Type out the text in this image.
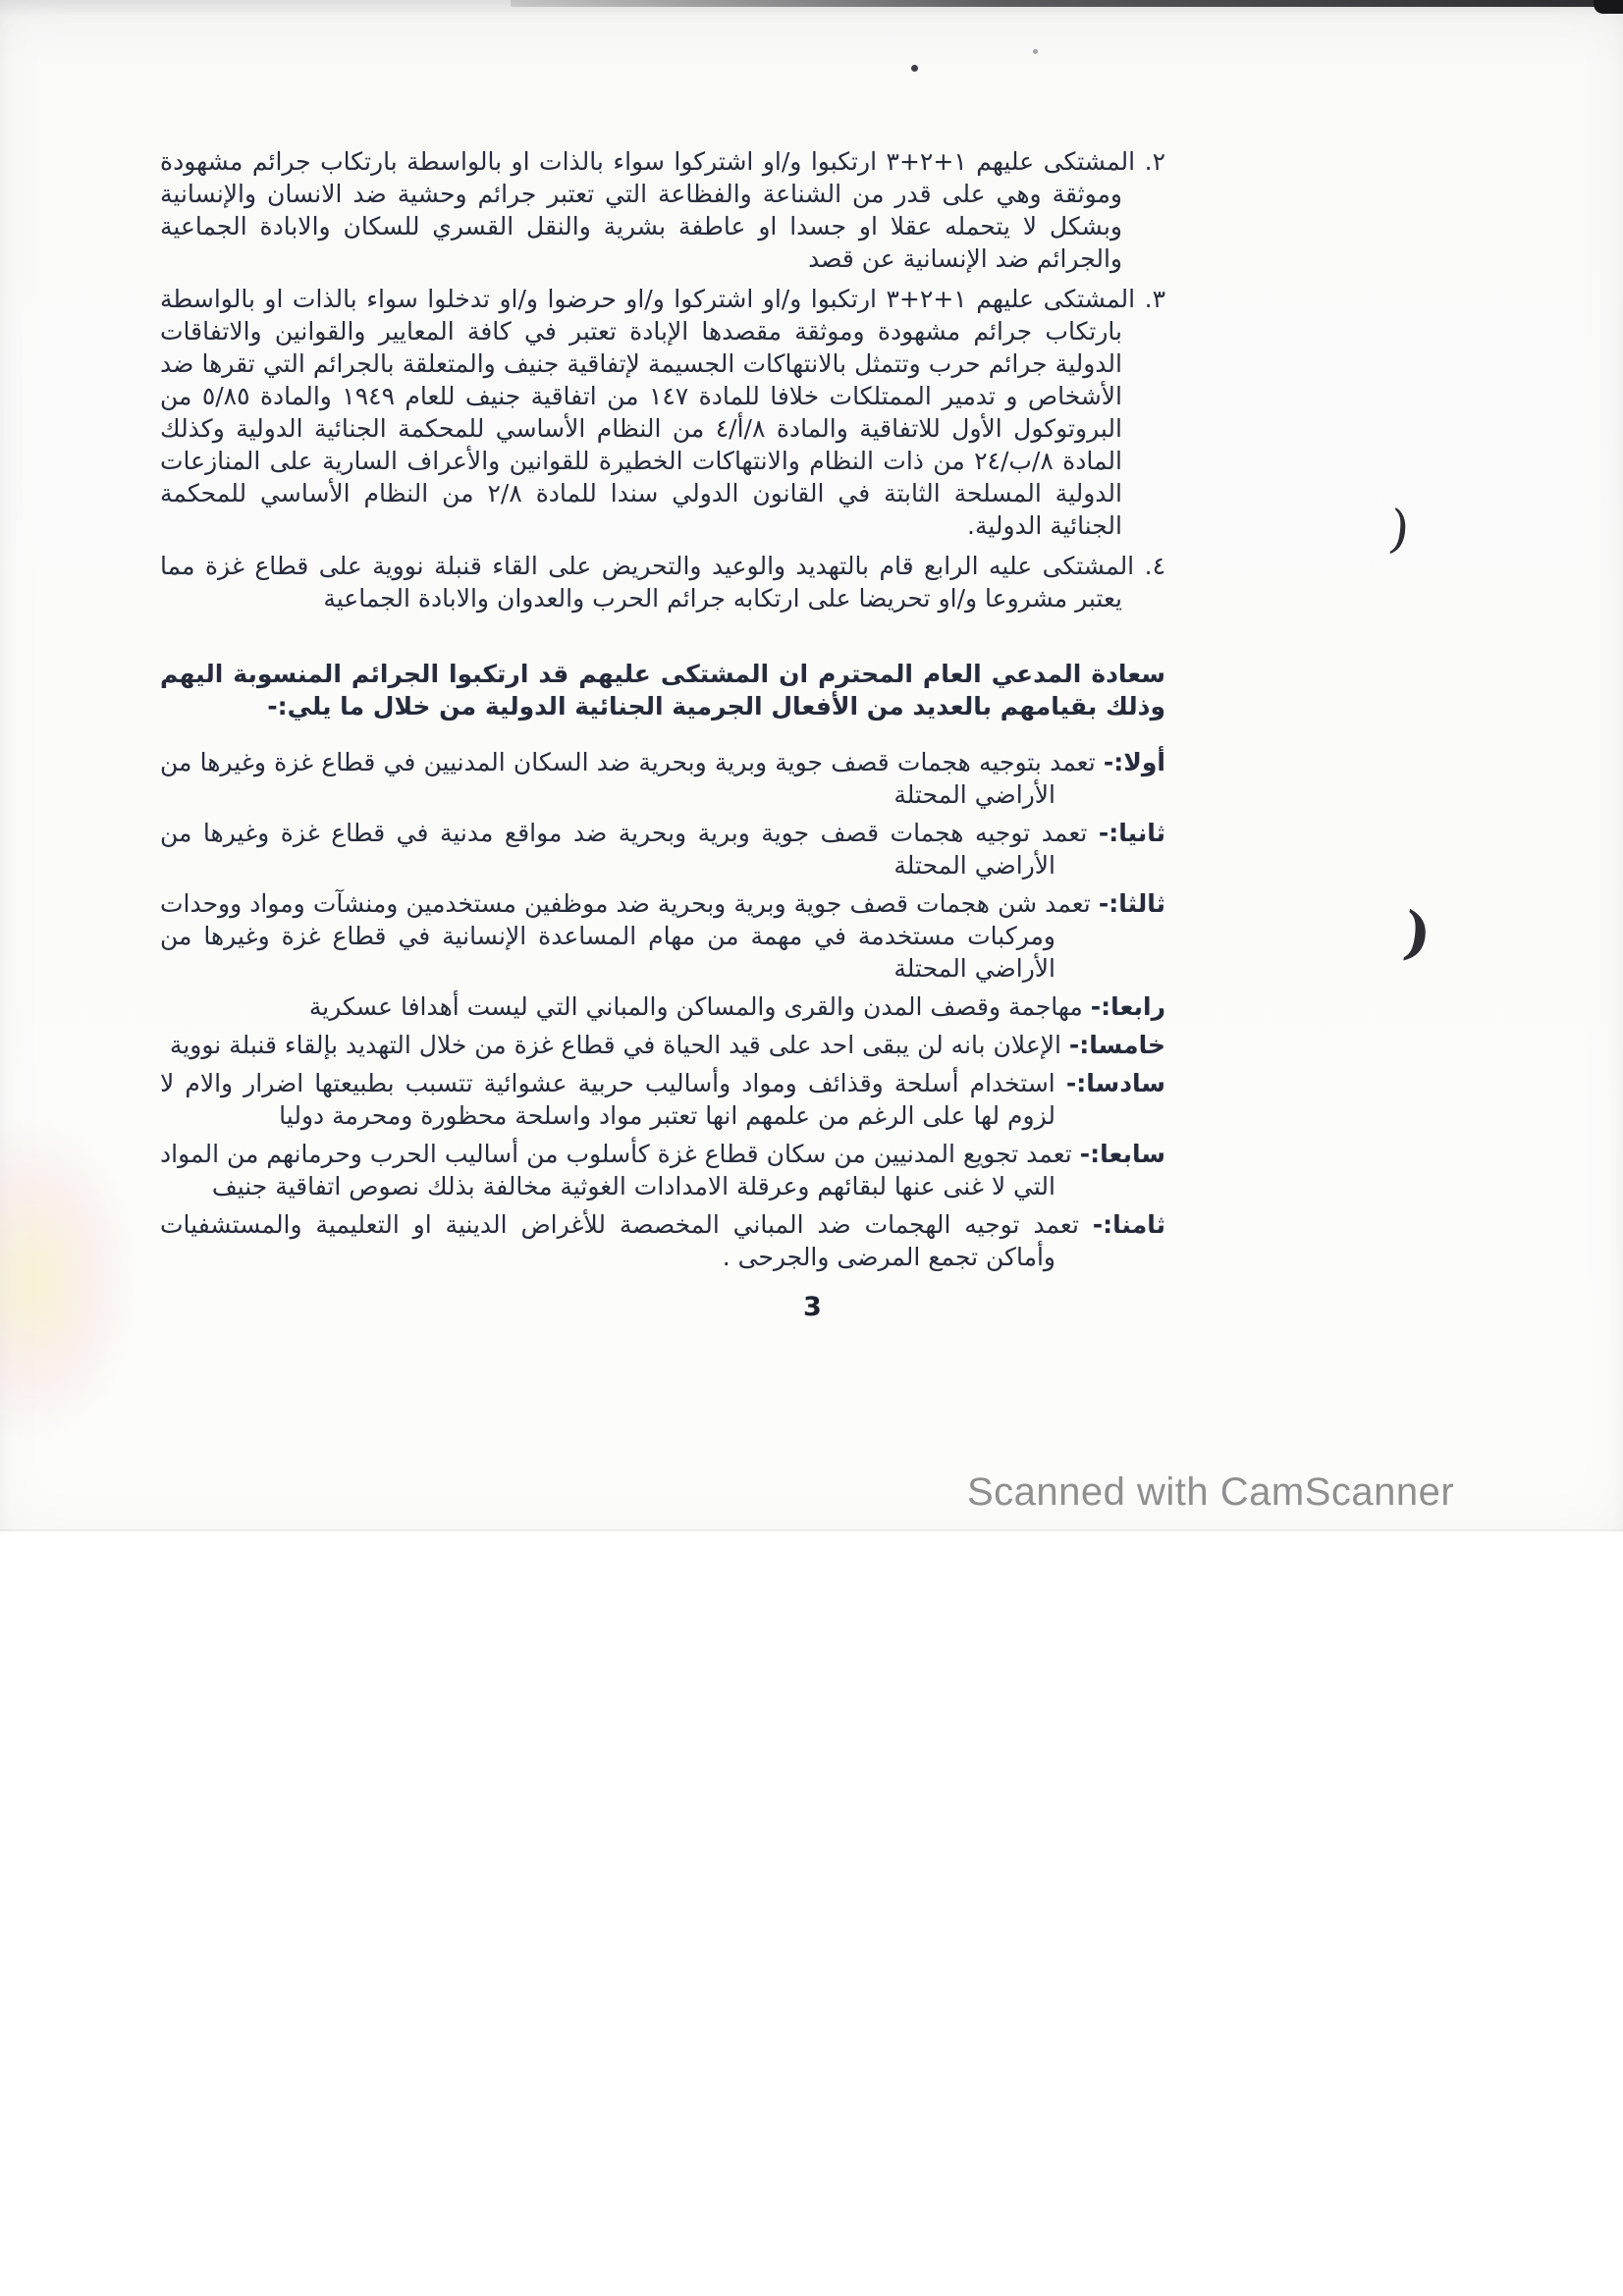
)
)
٢. المشتكى عليهم ١+٢+٣ ارتكبوا و/او اشتركوا سواء بالذات او بالواسطة بارتكاب جرائم مشهودة وموثقة وهي على قدر من الشناعة والفظاعة التي تعتبر جرائم وحشية ضد الانسان والإنسانية وبشكل لا يتحمله عقلا او جسدا او عاطفة بشرية والنقل القسري للسكان والابادة الجماعية والجرائم ضد الإنسانية عن قصد
٣. المشتكى عليهم ١+٢+٣ ارتكبوا و/او اشتركوا و/او حرضوا و/او تدخلوا سواء بالذات او بالواسطة بارتكاب جرائم مشهودة وموثقة مقصدها الإبادة تعتبر في كافة المعايير والقوانين والاتفاقات الدولية جرائم حرب وتتمثل بالانتهاكات الجسيمة لإتفاقية جنيف والمتعلقة بالجرائم التي تقرها ضد الأشخاص و تدمير الممتلكات خلافا للمادة ١٤٧ من اتفاقية جنيف للعام ١٩٤٩ والمادة ٥/٨٥ من البروتوكول الأول للاتفاقية والمادة ٨/أ/٤ من النظام الأساسي للمحكمة الجنائية الدولية وكذلك المادة ٨/ب/٢٤ من ذات النظام والانتهاكات الخطيرة للقوانين والأعراف السارية على المنازعات الدولية المسلحة الثابتة في القانون الدولي سندا للمادة ٢/٨ من النظام الأساسي للمحكمة الجنائية الدولية.
٤. المشتكى عليه الرابع قام بالتهديد والوعيد والتحريض على القاء قنبلة نووية على قطاع غزة مما يعتبر مشروعا و/او تحريضا على ارتكابه جرائم الحرب والعدوان والابادة الجماعية

سعادة المدعي العام المحترم ان المشتكى عليهم قد ارتكبوا الجرائم المنسوبة اليهم وذلك بقيامهم بالعديد من الأفعال الجرمية الجنائية الدولية من خلال ما يلي:-

أولا:- تعمد بتوجيه هجمات قصف جوية وبرية وبحرية ضد السكان المدنيين في قطاع غزة وغيرها من الأراضي المحتلة
ثانيا:- تعمد توجيه هجمات قصف جوية وبرية وبحرية ضد مواقع مدنية في قطاع غزة وغيرها من الأراضي المحتلة
ثالثا:- تعمد شن هجمات قصف جوية وبرية وبحرية ضد موظفين مستخدمين ومنشآت ومواد ووحدات ومركبات مستخدمة في مهمة من مهام المساعدة الإنسانية في قطاع غزة وغيرها من الأراضي المحتلة
رابعا:- مهاجمة وقصف المدن والقرى والمساكن والمباني التي ليست أهدافا عسكرية
خامسا:- الإعلان بانه لن يبقى احد على قيد الحياة في قطاع غزة من خلال التهديد بإلقاء قنبلة نووية
سادسا:- استخدام أسلحة وقذائف ومواد وأساليب حربية عشوائية تتسبب بطبيعتها اضرار والام لا لزوم لها على الرغم من علمهم انها تعتبر مواد واسلحة محظورة ومحرمة دوليا
سابعا:- تعمد تجويع المدنيين من سكان قطاع غزة كأسلوب من أساليب الحرب وحرمانهم من المواد التي لا غنى عنها لبقائهم وعرقلة الامدادات الغوثية مخالفة بذلك نصوص اتفاقية جنيف
ثامنا:- تعمد توجيه الهجمات ضد المباني المخصصة للأغراض الدينية او التعليمية والمستشفيات وأماكن تجمع المرضى والجرحى .
3
Scanned with CamScanner
